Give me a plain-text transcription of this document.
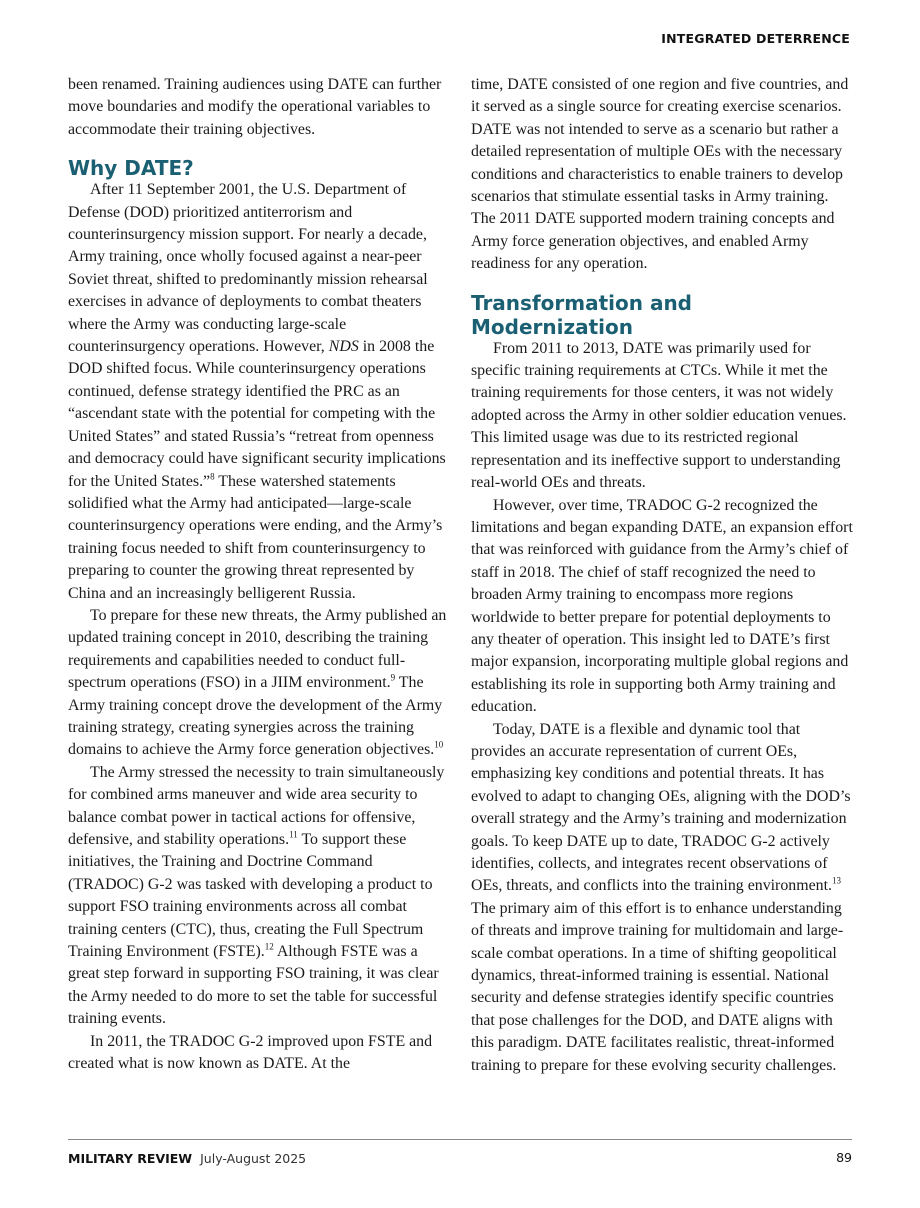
INTEGRATED DETERRENCE

been renamed. Training audiences using DATE can further move boundaries and modify the operational variables to accommodate their training objectives.

Why DATE?

After 11 September 2001, the U.S. Department of Defense (DOD) prioritized antiterrorism and counterinsurgency mission support. For nearly a decade, Army training, once wholly focused against a near-peer Soviet threat, shifted to predominantly mission rehearsal exercises in advance of deployments to combat theaters where the Army was conducting large-scale counterinsurgency operations. However, NDS in 2008 the DOD shifted focus. While counterinsurgency operations continued, defense strategy identified the PRC as an “ascendant state with the potential for competing with the United States” and stated Russia’s “retreat from openness and democracy could have significant security implications for the United States.”$^8$ These watershed statements solidified what the Army had anticipated—large-scale counterinsurgency operations were ending, and the Army’s training focus needed to shift from counterinsurgency to preparing to counter the growing threat represented by China and an increasingly belligerent Russia.

To prepare for these new threats, the Army published an updated training concept in 2010, describing the training requirements and capabilities needed to conduct full-spectrum operations (FSO) in a JIIM environment.$^9$ The Army training concept drove the development of the Army training strategy, creating synergies across the training domains to achieve the Army force generation objectives.$^{10}$

The Army stressed the necessity to train simultaneously for combined arms maneuver and wide area security to balance combat power in tactical actions for offensive, defensive, and stability operations.$^{11}$ To support these initiatives, the Training and Doctrine Command (TRADOC) G-2 was tasked with developing a product to support FSO training environments across all combat training centers (CTC), thus, creating the Full Spectrum Training Environment (FSTE).$^{12}$ Although FSTE was a great step forward in supporting FSO training, it was clear the Army needed to do more to set the table for successful training events.

In 2011, the TRADOC G-2 improved upon FSTE and created what is now known as DATE. At the

time, DATE consisted of one region and five countries, and it served as a single source for creating exercise scenarios. DATE was not intended to serve as a scenario but rather a detailed representation of multiple OEs with the necessary conditions and characteristics to enable trainers to develop scenarios that stimulate essential tasks in Army training. The 2011 DATE supported modern training concepts and Army force generation objectives, and enabled Army readiness for any operation.

Transformation and Modernization

From 2011 to 2013, DATE was primarily used for specific training requirements at CTCs. While it met the training requirements for those centers, it was not widely adopted across the Army in other soldier education venues. This limited usage was due to its restricted regional representation and its ineffective support to understanding real-world OEs and threats.

However, over time, TRADOC G-2 recognized the limitations and began expanding DATE, an expansion effort that was reinforced with guidance from the Army’s chief of staff in 2018. The chief of staff recognized the need to broaden Army training to encompass more regions worldwide to better prepare for potential deployments to any theater of operation. This insight led to DATE’s first major expansion, incorporating multiple global regions and establishing its role in supporting both Army training and education.

Today, DATE is a flexible and dynamic tool that provides an accurate representation of current OEs, emphasizing key conditions and potential threats. It has evolved to adapt to changing OEs, aligning with the DOD’s overall strategy and the Army’s training and modernization goals. To keep DATE up to date, TRADOC G-2 actively identifies, collects, and integrates recent observations of OEs, threats, and conflicts into the training environment.$^{13}$ The primary aim of this effort is to enhance understanding of threats and improve training for multidomain and large-scale combat operations. In a time of shifting geopolitical dynamics, threat-informed training is essential. National security and defense strategies identify specific countries that pose challenges for the DOD, and DATE aligns with this paradigm. DATE facilitates realistic, threat-informed training to prepare for these evolving security challenges.

MILITARY REVIEW July-August 2025	89
